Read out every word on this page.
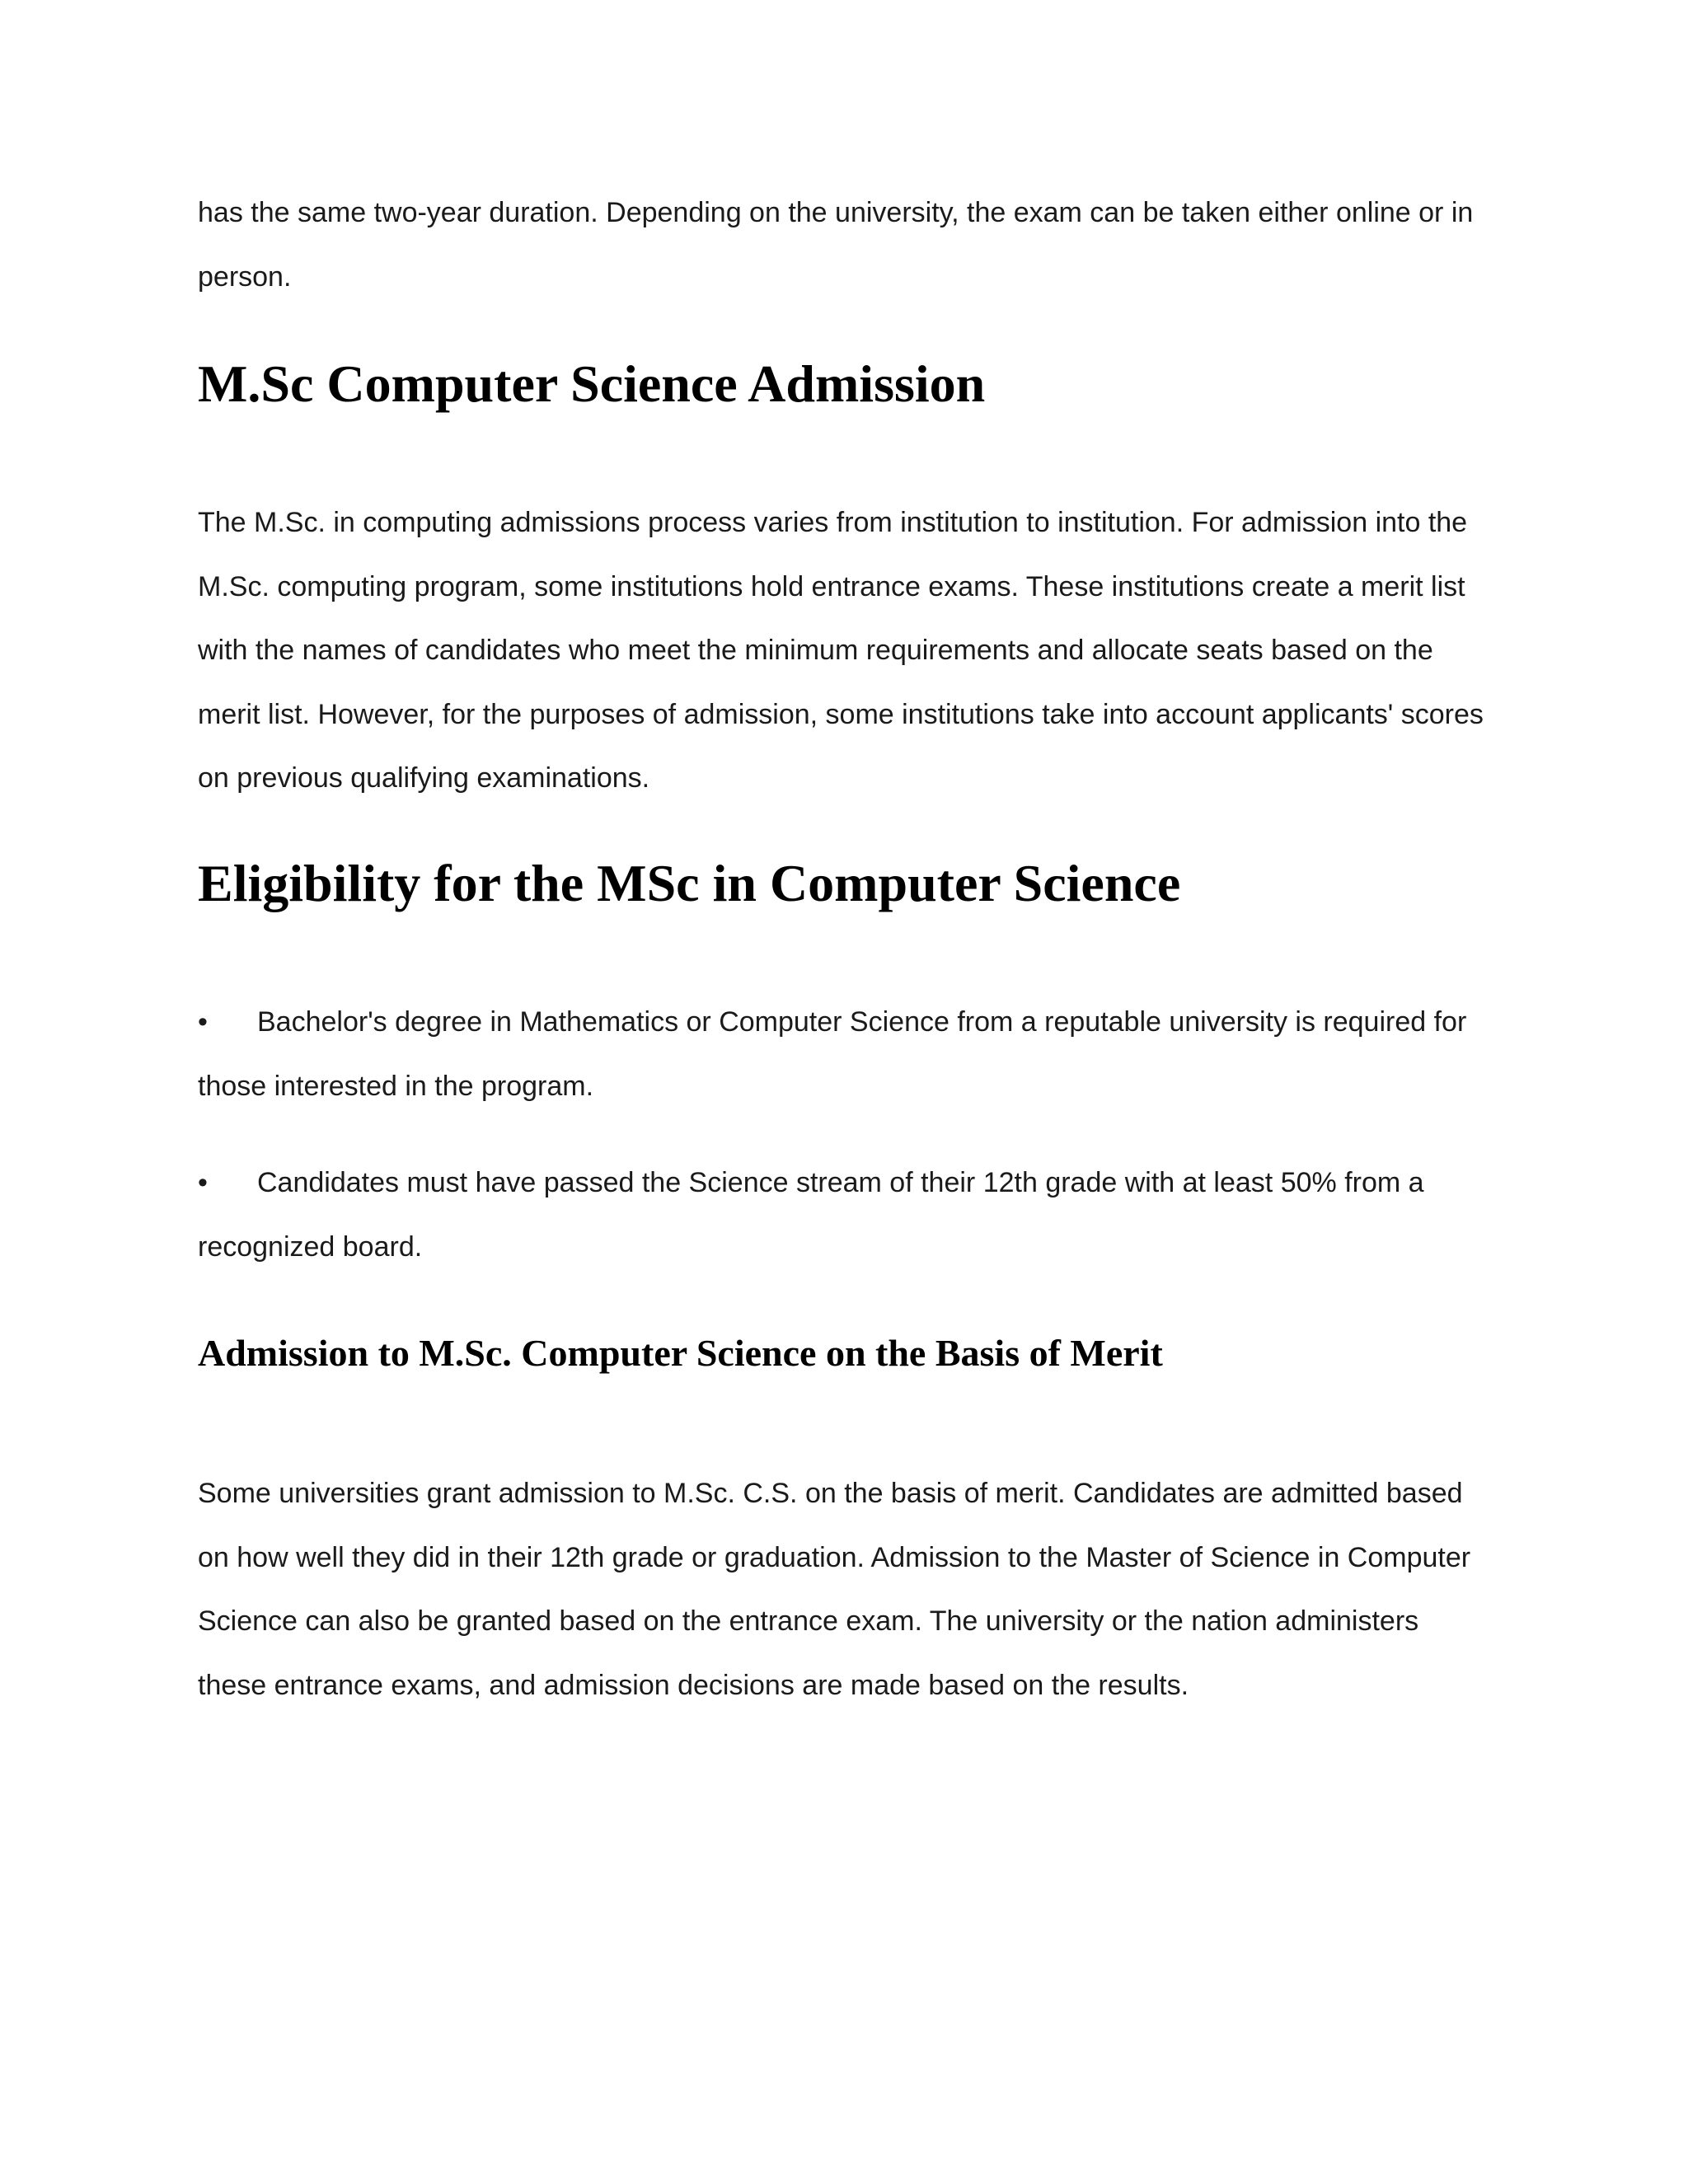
has the same two-year duration. Depending on the university, the exam can be taken either online or in person.

M.Sc Computer Science Admission

The M.Sc. in computing admissions process varies from institution to institution. For admission into the M.Sc. computing program, some institutions hold entrance exams. These institutions create a merit list with the names of candidates who meet the minimum requirements and allocate seats based on the merit list. However, for the purposes of admission, some institutions take into account applicants' scores on previous qualifying examinations.

Eligibility for the MSc in Computer Science
• Bachelor's degree in Mathematics or Computer Science from a reputable university is required for those interested in the program.
• Candidates must have passed the Science stream of their 12th grade with at least 50% from a recognized board.
Admission to M.Sc. Computer Science on the Basis of Merit

Some universities grant admission to M.Sc. C.S. on the basis of merit. Candidates are admitted based on how well they did in their 12th grade or graduation. Admission to the Master of Science in Computer Science can also be granted based on the entrance exam. The university or the nation administers these entrance exams, and admission decisions are made based on the results.
